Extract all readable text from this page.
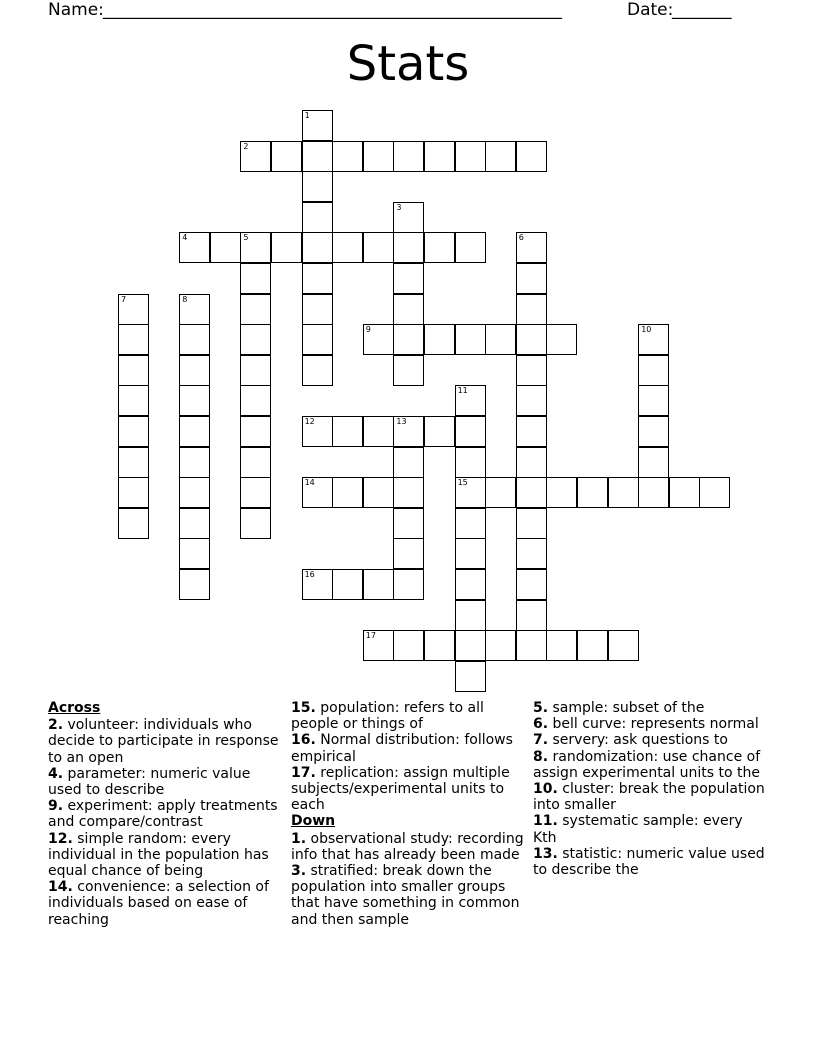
Name: ______________________________________________________	Date:
_______
Stats
1
2
3
4	5	6
7	8
9	10
11
15
12	13
14
16
17
Across
2. volunteer: individuals who decide to participate in response to an open
4. parameter: numeric value used to describe
9. experiment: apply treatments and compare/contrast
12. simple random: every individual in the population has equal chance of being
14. convenience: a selection of individuals based on ease of reaching
15. population: refers to all people or things of
16. Normal distribution: follows empirical
17. replication: assign multiple subjects/experimental units to each
Down
1. observational study: recording info that has already been made
3. stratified: break down the population into smaller groups that have something in common and then sample
5. sample: subset of the
6. bell curve: represents normal
7. servery: ask questions to
8. randomization: use chance of assign experimental units to the
10. cluster: break the population into smaller
11. systematic sample: every Kth
13. statistic: numeric value used to describe the
